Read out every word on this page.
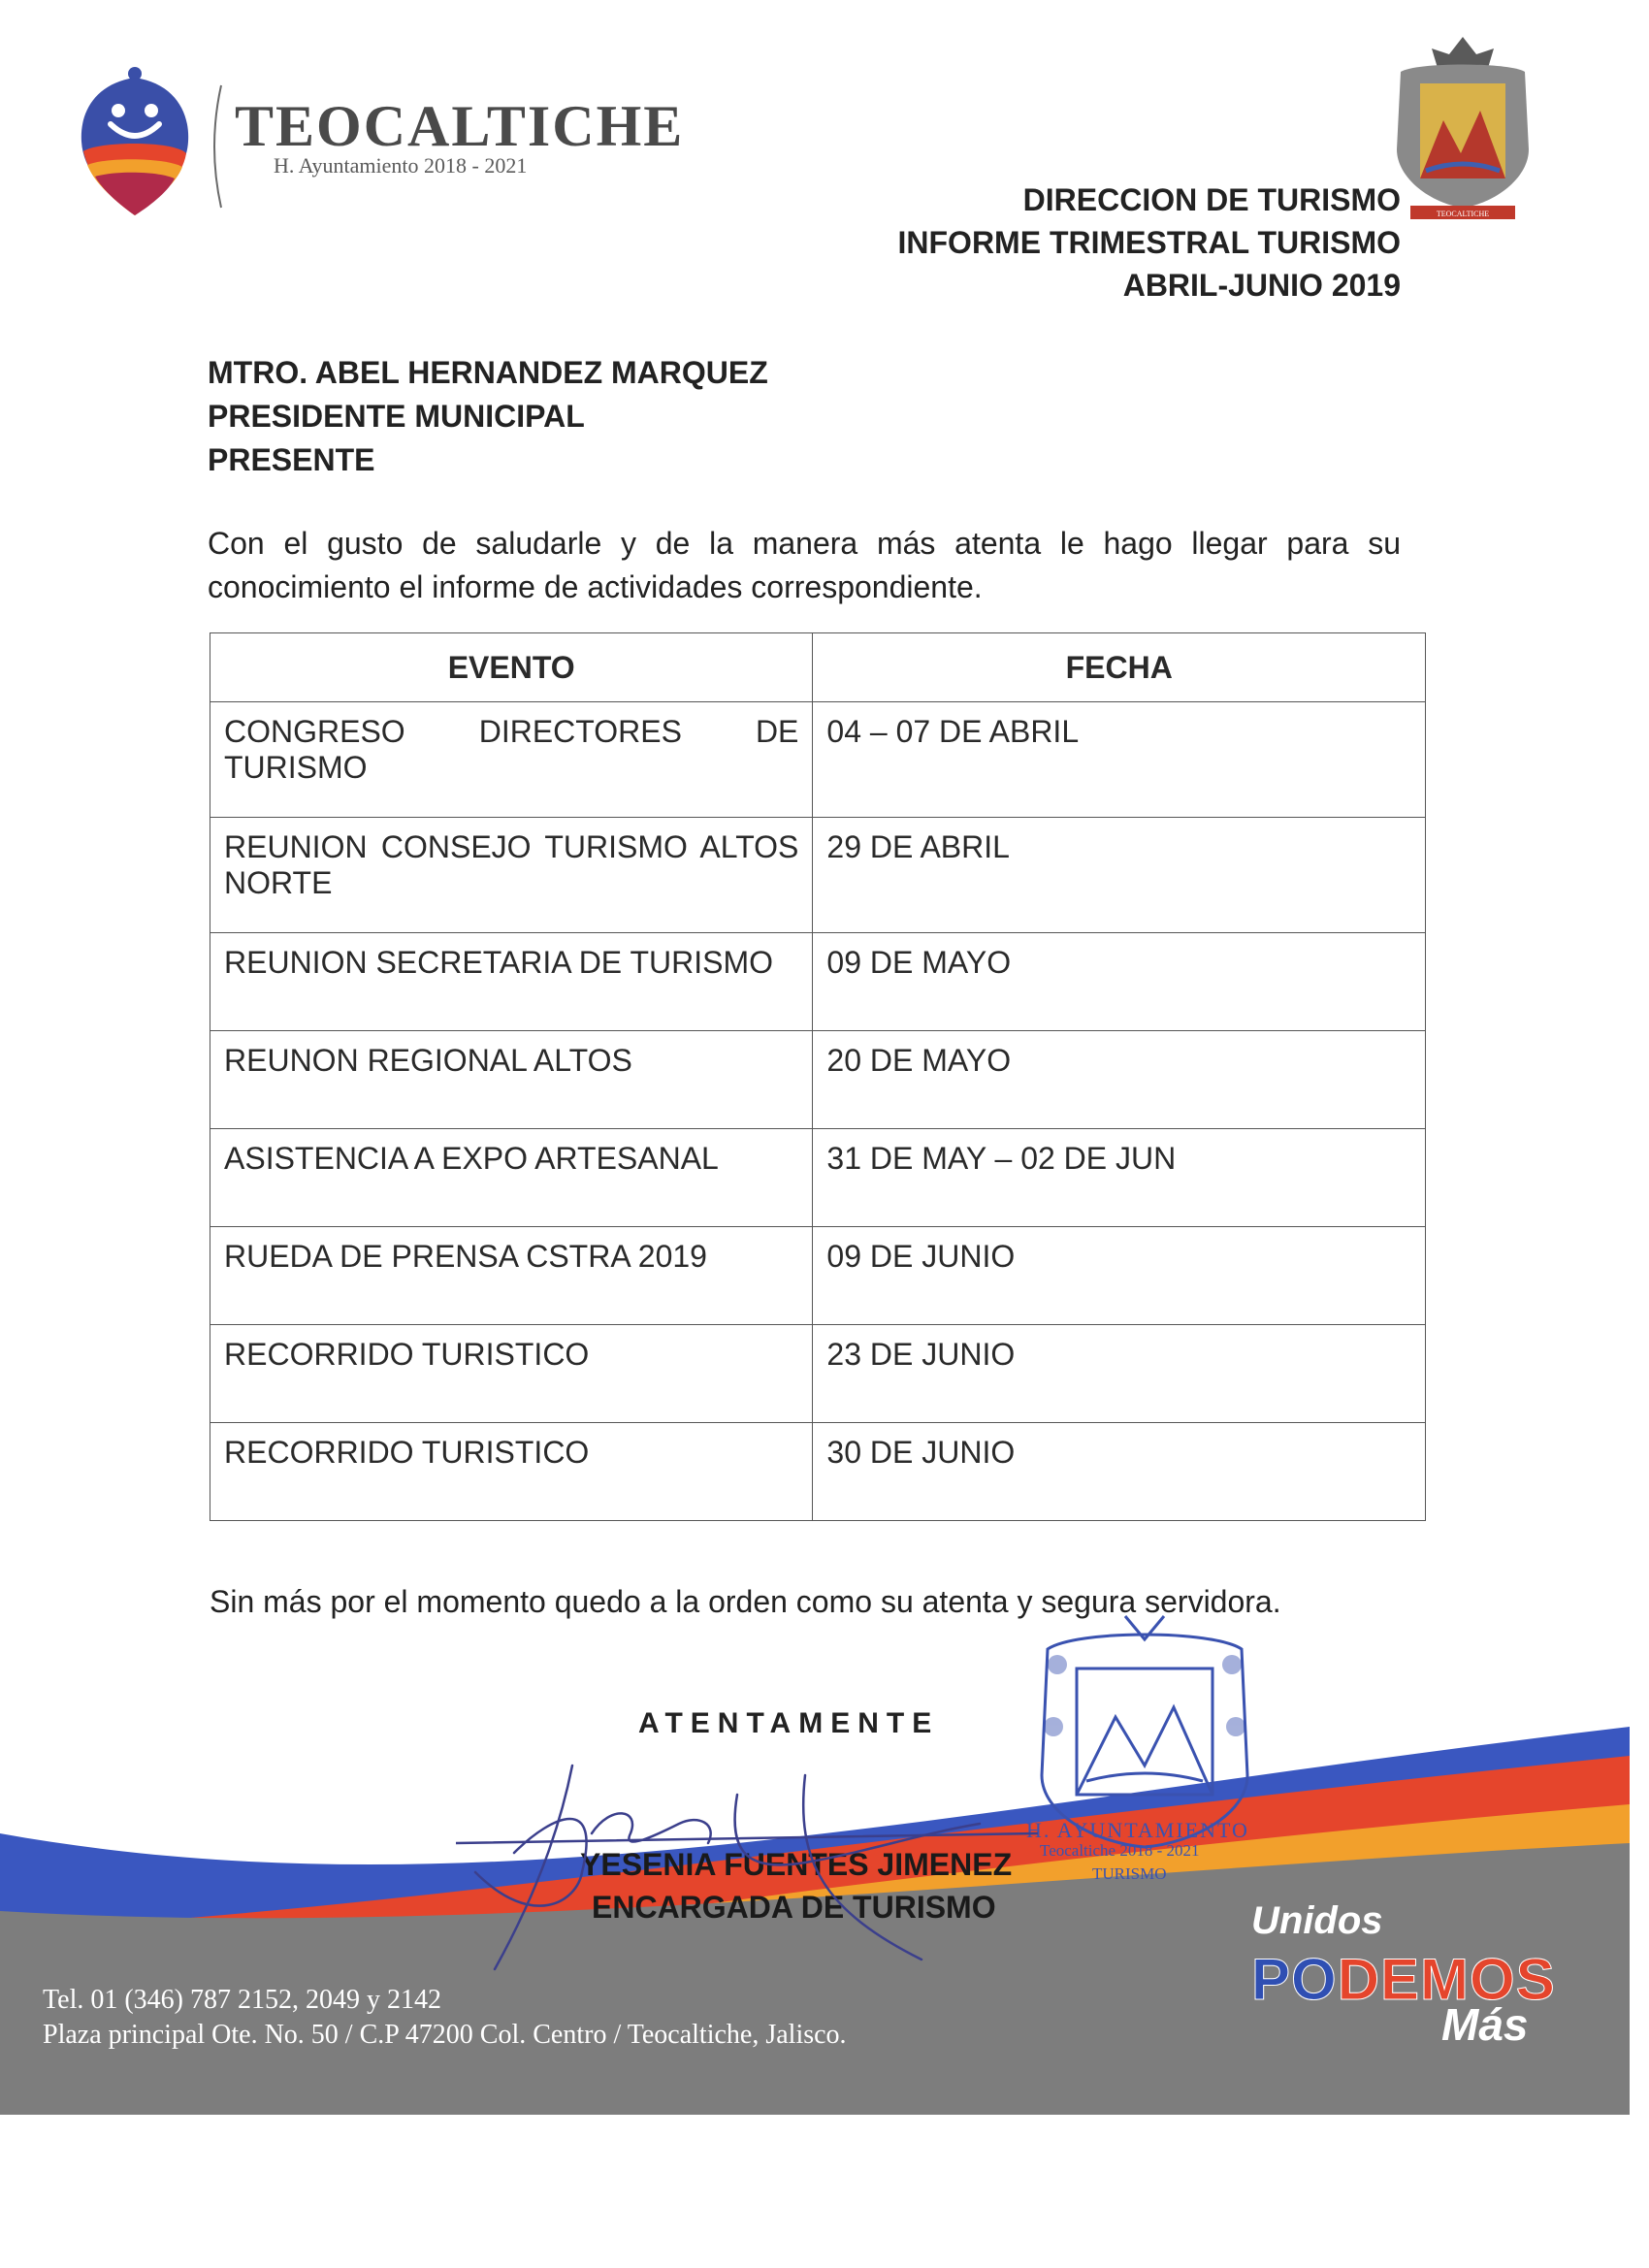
TEOCALTICHE
H. Ayuntamiento 2018 - 2021
TEOCALTICHE
DIRECCION DE TURISMO
INFORME TRIMESTRAL TURISMO
ABRIL-JUNIO 2019
MTRO. ABEL HERNANDEZ MARQUEZ
PRESIDENTE MUNICIPAL
PRESENTE
Con el gusto de saludarle y de la manera más atenta le hago llegar para su conocimiento el informe de actividades correspondiente.
EVENTO	FECHA
CONGRESO DIRECTORES DE TURISMO	04 – 07 DE ABRIL
REUNION CONSEJO TURISMO ALTOS NORTE	29 DE ABRIL
REUNION SECRETARIA DE TURISMO	09 DE MAYO
REUNON REGIONAL ALTOS	20 DE MAYO
ASISTENCIA A EXPO ARTESANAL	31 DE MAY – 02 DE JUN
RUEDA DE PRENSA CSTRA 2019	09 DE JUNIO
RECORRIDO TURISTICO	23 DE JUNIO
RECORRIDO TURISTICO	30 DE JUNIO
Sin más por el momento quedo a la orden como su atenta y segura servidora.
ATENTAMENTE
H. AYUNTAMIENTO
Teocaltiche 2018 - 2021
TURISMO
YESENIA FUENTES JIMENEZ
ENCARGADA DE TURISMO
Yesenia
Tel. 01 (346) 787 2152, 2049 y 2142
Plaza principal Ote. No. 50 / C.P 47200 Col. Centro / Teocaltiche, Jalisco.
Unidos
PODEMOS
Más
